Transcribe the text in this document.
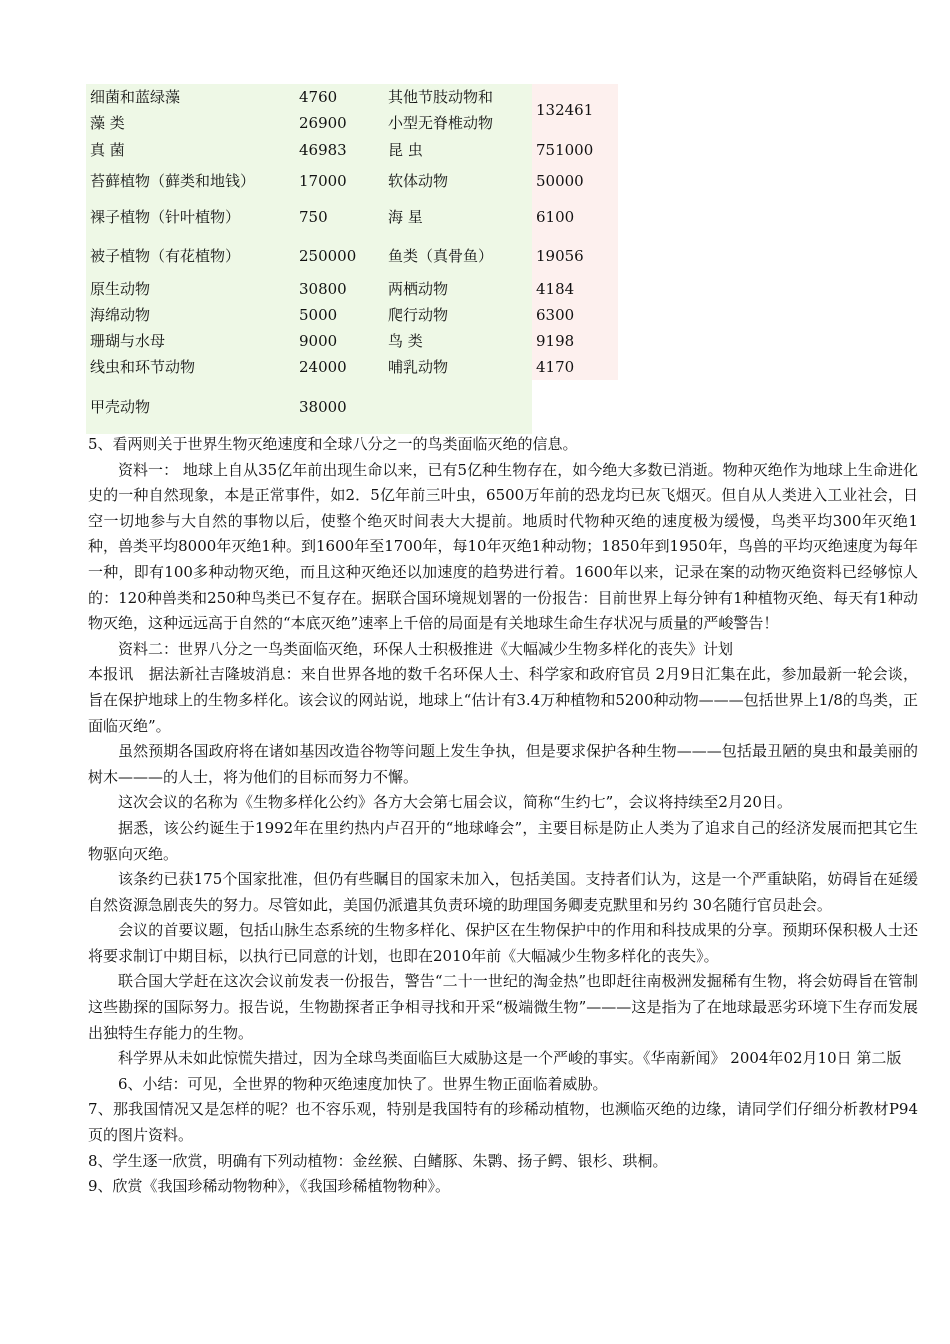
细菌和蓝绿藻	4760	其他节肢动物和	132461
藻 类	26900	小型无脊椎动物	
真 菌	46983	昆 虫	751000
苔藓植物（藓类和地钱）	17000	软体动物	50000
裸子植物（针叶植物）	750	海 星	6100
被子植物（有花植物）	250000	鱼类（真骨鱼）	19056
原生动物	30800	两栖动物	4184
海绵动物	5000	爬行动物	6300
珊瑚与水母	9000	鸟 类	9198
线虫和环节动物	24000	哺乳动物	4170
甲壳动物	38000		

5、看两则关于世界生物灭绝速度和全球八分之一的鸟类面临灭绝的信息。

资料一： 地球上自从35亿年前出现生命以来，已有5亿种生物存在，如今绝大多数已消逝。物种灭绝作为地球上生命进化史的一种自然现象，本是正常事件，如2．5亿年前三叶虫，6500万年前的恐龙均已灰飞烟灭。但自从人类进入工业社会，日空一切地参与大自然的事物以后，使整个绝灭时间表大大提前。地质时代物种灭绝的速度极为缓慢，鸟类平均300年灭绝1种，兽类平均8000年灭绝1种。到1600年至1700年，每10年灭绝1种动物；1850年到1950年，鸟兽的平均灭绝速度为每年一种，即有100多种动物灭绝，而且这种灭绝还以加速度的趋势进行着。1600年以来，记录在案的动物灭绝资料已经够惊人的：120种兽类和250种鸟类已不复存在。据联合国环境规划署的一份报告：目前世界上每分钟有1种植物灭绝、每天有1种动物灭绝，这种远远高于自然的“本底灭绝”速率上千倍的局面是有关地球生命生存状况与质量的严峻警告！

资料二：世界八分之一鸟类面临灭绝，环保人士积极推进《大幅减少生物多样化的丧失》计划

本报讯　据法新社吉隆坡消息：来自世界各地的数千名环保人士、科学家和政府官员 2月9日汇集在此，参加最新一轮会谈，旨在保护地球上的生物多样化。该会议的网站说，地球上“估计有3.4万种植物和5200种动物———包括世界上1/8的鸟类，正面临灭绝”。

虽然预期各国政府将在诸如基因改造谷物等问题上发生争执，但是要求保护各种生物———包括最丑陋的臭虫和最美丽的树木———的人士，将为他们的目标而努力不懈。

这次会议的名称为《生物多样化公约》各方大会第七届会议，简称“生约七”，会议将持续至2月20日。

据悉，该公约诞生于1992年在里约热内卢召开的“地球峰会”，主要目标是防止人类为了追求自己的经济发展而把其它生物驱向灭绝。

该条约已获175个国家批准，但仍有些瞩目的国家未加入，包括美国。支持者们认为，这是一个严重缺陷，妨碍旨在延缓自然资源急剧丧失的努力。尽管如此，美国仍派遣其负责环境的助理国务卿麦克默里和另约 30名随行官员赴会。

会议的首要议题，包括山脉生态系统的生物多样化、保护区在生物保护中的作用和科技成果的分享。预期环保积极人士还将要求制订中期目标，以执行已同意的计划，也即在2010年前《大幅减少生物多样化的丧失》。

联合国大学赶在这次会议前发表一份报告，警告“二十一世纪的淘金热”也即赶往南极洲发掘稀有生物，将会妨碍旨在管制这些勘探的国际努力。报告说，生物勘探者正争相寻找和开采“极端微生物”———这是指为了在地球最恶劣环境下生存而发展出独特生存能力的生物。

科学界从未如此惊慌失措过，因为全球鸟类面临巨大威胁这是一个严峻的事实。《华南新闻》 2004年02月10日 第二版

6、小结：可见，全世界的物种灭绝速度加快了。世界生物正面临着威胁。

7、那我国情况又是怎样的呢？也不容乐观，特别是我国特有的珍稀动植物，也濒临灭绝的边缘，请同学们仔细分析教材P94页的图片资料。

8、学生逐一欣赏，明确有下列动植物：金丝猴、白鳍豚、朱鹮、扬子鳄、银杉、珙桐。

9、欣赏《我国珍稀动物物种》，《我国珍稀植物物种》。
